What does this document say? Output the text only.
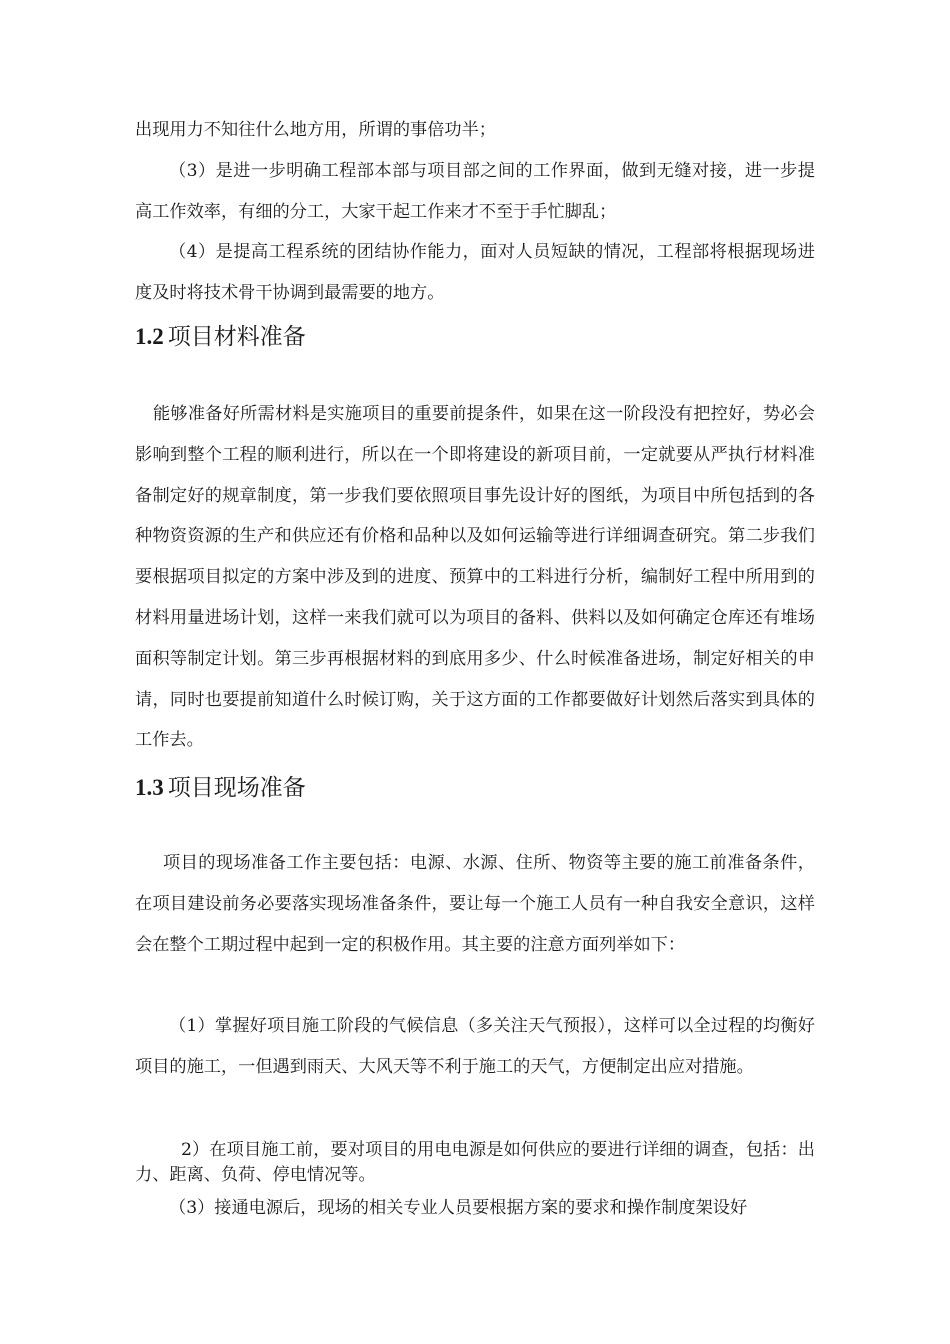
出现用力不知往什么地方用，所谓的事倍功半；

（3）是进一步明确工程部本部与项目部之间的工作界面，做到无缝对接，进一步提高工作效率，有细的分工，大家干起工作来才不至于手忙脚乱；

（4）是提高工程系统的团结协作能力，面对人员短缺的情况，工程部将根据现场进度及时将技术骨干协调到最需要的地方。

1.2 项目材料准备

能够准备好所需材料是实施项目的重要前提条件，如果在这一阶段没有把控好，势必会影响到整个工程的顺利进行，所以在一个即将建设的新项目前，一定就要从严执行材料准备制定好的规章制度，第一步我们要依照项目事先设计好的图纸，为项目中所包括到的各种物资资源的生产和供应还有价格和品种以及如何运输等进行详细调查研究。第二步我们要根据项目拟定的方案中涉及到的进度、预算中的工料进行分析，编制好工程中所用到的材料用量进场计划，这样一来我们就可以为项目的备料、供料以及如何确定仓库还有堆场面积等制定计划。第三步再根据材料的到底用多少、什么时候准备进场，制定好相关的申请，同时也要提前知道什么时候订购，关于这方面的工作都要做好计划然后落实到具体的工作去。

1.3 项目现场准备

项目的现场准备工作主要包括：电源、水源、住所、物资等主要的施工前准备条件，在项目建设前务必要落实现场准备条件，要让每一个施工人员有一种自我安全意识，这样会在整个工期过程中起到一定的积极作用。其主要的注意方面列举如下：

（1）掌握好项目施工阶段的气候信息（多关注天气预报），这样可以全过程的均衡好项目的施工，一但遇到雨天、大风天等不利于施工的天气，方便制定出应对措施。

2）在项目施工前，要对项目的用电电源是如何供应的要进行详细的调查，包括：出力、距离、负荷、停电情况等。

（3）接通电源后，现场的相关专业人员要根据方案的要求和操作制度架设好
